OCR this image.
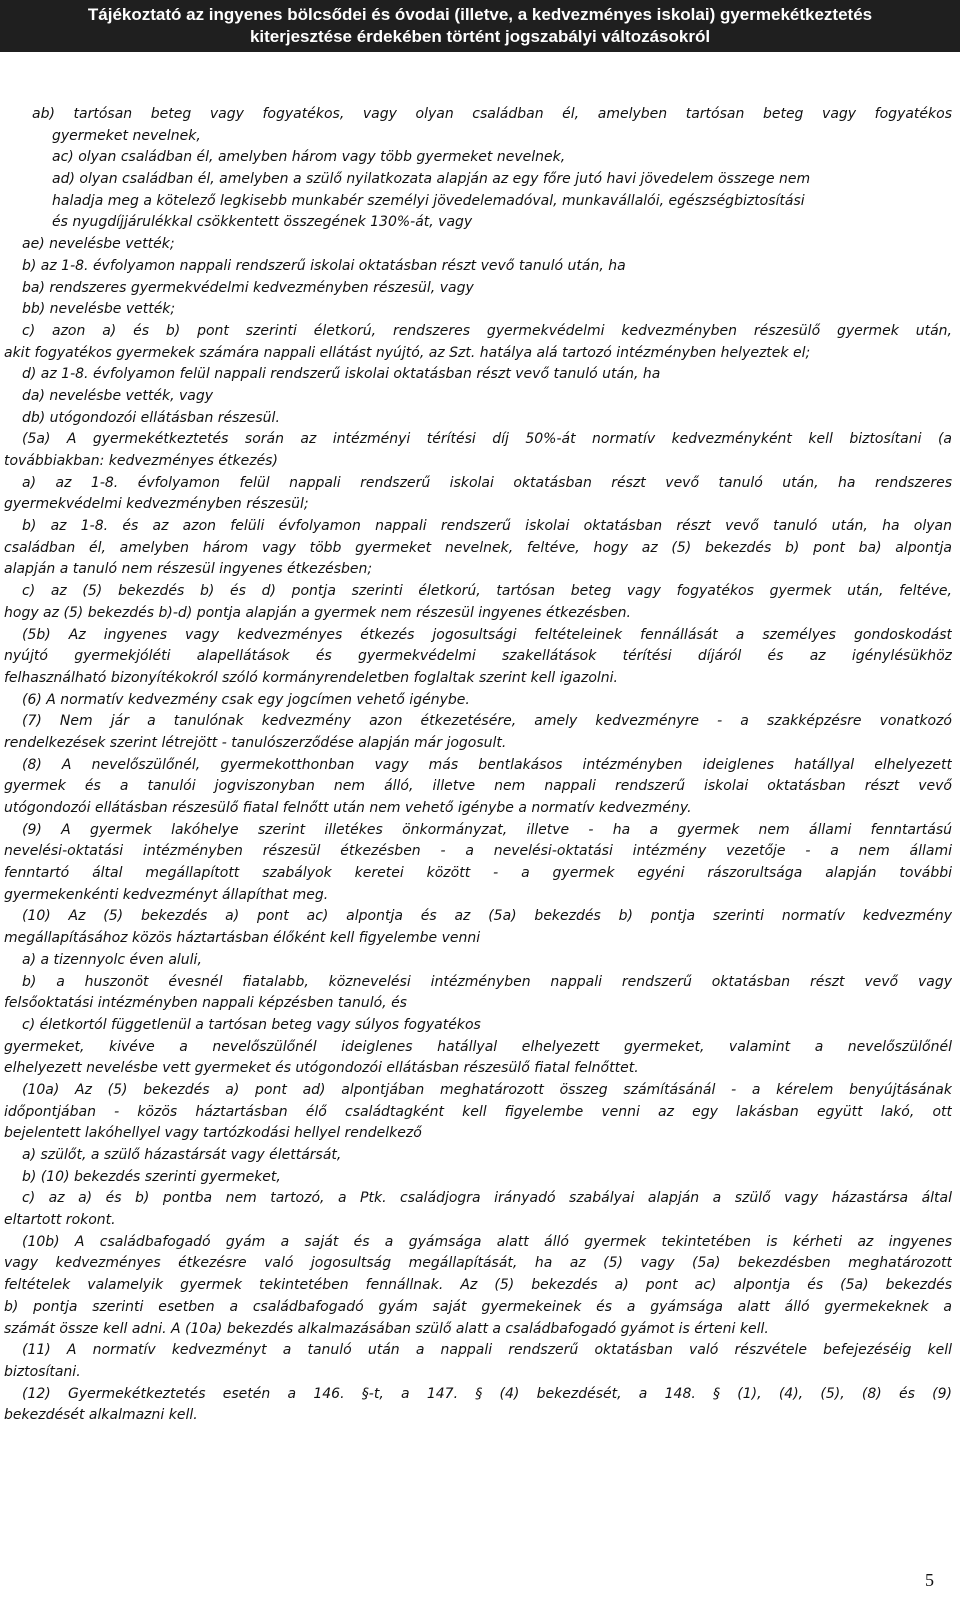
Tájékoztató az ingyenes bölcsődei és óvodai (illetve, a kedvezményes iskolai) gyermekétkeztetés
kiterjesztése érdekében történt jogszabályi változásokról
ab) tartósan beteg vagy fogyatékos, vagy olyan családban él, amelyben tartósan beteg vagy fogyatékos
gyermeket nevelnek,
ac) olyan családban él, amelyben három vagy több gyermeket nevelnek,
ad) olyan családban él, amelyben a szülő nyilatkozata alapján az egy főre jutó havi jövedelem összege nem
haladja meg a kötelező legkisebb munkabér személyi jövedelemadóval, munkavállalói, egészségbiztosítási
és nyugdíjjárulékkal csökkentett összegének 130%-át, vagy
ae) nevelésbe vették;
b) az 1-8. évfolyamon nappali rendszerű iskolai oktatásban részt vevő tanuló után, ha
ba) rendszeres gyermekvédelmi kedvezményben részesül, vagy
bb) nevelésbe vették;
c) azon a) és b) pont szerinti életkorú, rendszeres gyermekvédelmi kedvezményben részesülő gyermek után,
akit fogyatékos gyermekek számára nappali ellátást nyújtó, az Szt. hatálya alá tartozó intézményben helyeztek el;
d) az 1-8. évfolyamon felül nappali rendszerű iskolai oktatásban részt vevő tanuló után, ha
da) nevelésbe vették, vagy
db) utógondozói ellátásban részesül.
(5a) A gyermekétkeztetés során az intézményi térítési díj 50%-át normatív kedvezményként kell biztosítani (a
továbbiakban: kedvezményes étkezés)
a) az 1-8. évfolyamon felül nappali rendszerű iskolai oktatásban részt vevő tanuló után, ha rendszeres
gyermekvédelmi kedvezményben részesül;
b) az 1-8. és az azon felüli évfolyamon nappali rendszerű iskolai oktatásban részt vevő tanuló után, ha olyan
családban él, amelyben három vagy több gyermeket nevelnek, feltéve, hogy az (5) bekezdés b) pont ba) alpontja
alapján a tanuló nem részesül ingyenes étkezésben;
c) az (5) bekezdés b) és d) pontja szerinti életkorú, tartósan beteg vagy fogyatékos gyermek után, feltéve,
hogy az (5) bekezdés b)-d) pontja alapján a gyermek nem részesül ingyenes étkezésben.
(5b) Az ingyenes vagy kedvezményes étkezés jogosultsági feltételeinek fennállását a személyes gondoskodást
nyújtó gyermekjóléti alapellátások és gyermekvédelmi szakellátások térítési díjáról és az igénylésükhöz
felhasználható bizonyítékokról szóló kormányrendeletben foglaltak szerint kell igazolni.
(6) A normatív kedvezmény csak egy jogcímen vehető igénybe.
(7) Nem jár a tanulónak kedvezmény azon étkezetésére, amely kedvezményre - a szakképzésre vonatkozó
rendelkezések szerint létrejött - tanulószerződése alapján már jogosult.
(8) A nevelőszülőnél, gyermekotthonban vagy más bentlakásos intézményben ideiglenes hatállyal elhelyezett
gyermek és a tanulói jogviszonyban nem álló, illetve nem nappali rendszerű iskolai oktatásban részt vevő
utógondozói ellátásban részesülő fiatal felnőtt után nem vehető igénybe a normatív kedvezmény.
(9) A gyermek lakóhelye szerint illetékes önkormányzat, illetve - ha a gyermek nem állami fenntartású
nevelési-oktatási intézményben részesül étkezésben - a nevelési-oktatási intézmény vezetője - a nem állami
fenntartó által megállapított szabályok keretei között - a gyermek egyéni rászorultsága alapján további
gyermekenkénti kedvezményt állapíthat meg.
(10) Az (5) bekezdés a) pont ac) alpontja és az (5a) bekezdés b) pontja szerinti normatív kedvezmény
megállapításához közös háztartásban élőként kell figyelembe venni
a) a tizennyolc éven aluli,
b) a huszonöt évesnél fiatalabb, köznevelési intézményben nappali rendszerű oktatásban részt vevő vagy
felsőoktatási intézményben nappali képzésben tanuló, és
c) életkortól függetlenül a tartósan beteg vagy súlyos fogyatékos
gyermeket, kivéve a nevelőszülőnél ideiglenes hatállyal elhelyezett gyermeket, valamint a nevelőszülőnél
elhelyezett nevelésbe vett gyermeket és utógondozói ellátásban részesülő fiatal felnőttet.
(10a) Az (5) bekezdés a) pont ad) alpontjában meghatározott összeg számításánál - a kérelem benyújtásának
időpontjában - közös háztartásban élő családtagként kell figyelembe venni az egy lakásban együtt lakó, ott
bejelentett lakóhellyel vagy tartózkodási hellyel rendelkező
a) szülőt, a szülő házastársát vagy élettársát,
b) (10) bekezdés szerinti gyermeket,
c) az a) és b) pontba nem tartozó, a Ptk. családjogra irányadó szabályai alapján a szülő vagy házastársa által
eltartott rokont.
(10b) A családbafogadó gyám a saját és a gyámsága alatt álló gyermek tekintetében is kérheti az ingyenes
vagy kedvezményes étkezésre való jogosultság megállapítását, ha az (5) vagy (5a) bekezdésben meghatározott
feltételek valamelyik gyermek tekintetében fennállnak. Az (5) bekezdés a) pont ac) alpontja és (5a) bekezdés
b) pontja szerinti esetben a családbafogadó gyám saját gyermekeinek és a gyámsága alatt álló gyermekeknek a
számát össze kell adni. A (10a) bekezdés alkalmazásában szülő alatt a családbafogadó gyámot is érteni kell.
(11) A normatív kedvezményt a tanuló után a nappali rendszerű oktatásban való részvétele befejezéséig kell
biztosítani.
(12) Gyermekétkeztetés esetén a 146. §-t, a 147. § (4) bekezdését, a 148. § (1), (4), (5), (8) és (9)
bekezdését alkalmazni kell.
5
